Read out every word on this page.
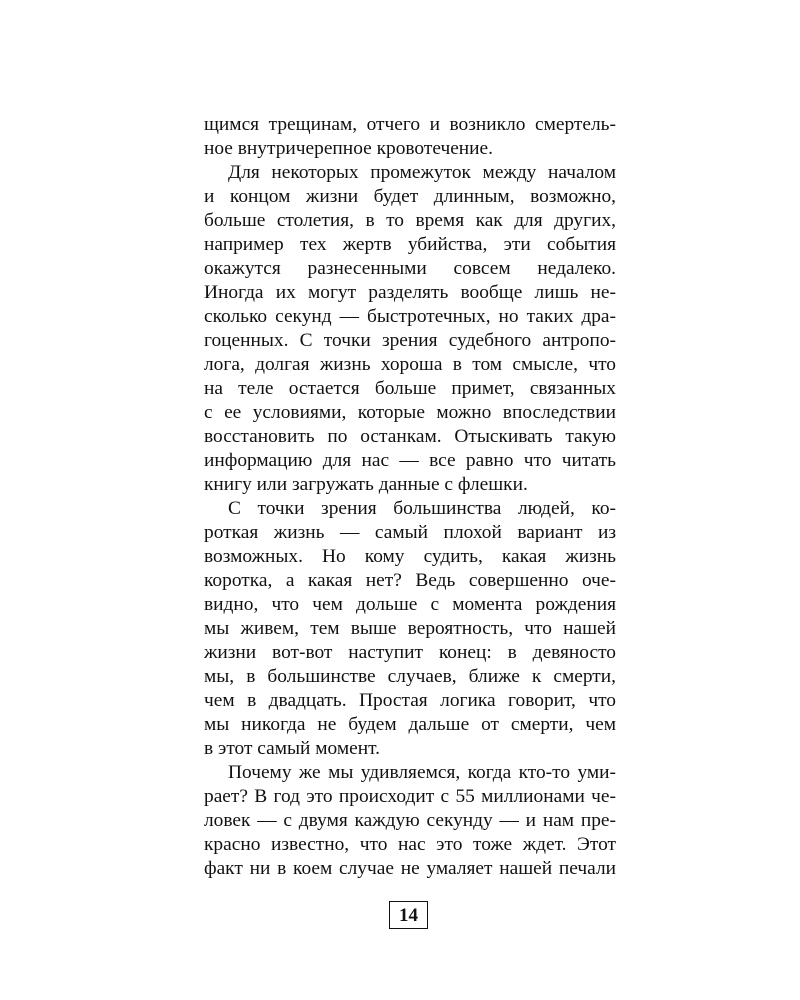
щимся трещинам, отчего и возникло смертель-
ное внутричерепное кровотечение.
Для некоторых промежуток между началом
и концом жизни будет длинным, возможно,
больше столетия, в то время как для других,
например тех жертв убийства, эти события
окажутся разнесенными совсем недалеко.
Иногда их могут разделять вообще лишь не-
сколько секунд — быстротечных, но таких дра-
гоценных. С точки зрения судебного антропо-
лога, долгая жизнь хороша в том смысле, что
на теле остается больше примет, связанных
с ее условиями, которые можно впоследствии
восстановить по останкам. Отыскивать такую
информацию для нас — все равно что читать
книгу или загружать данные с флешки.
С точки зрения большинства людей, ко-
роткая жизнь — самый плохой вариант из
возможных. Но кому судить, какая жизнь
коротка, а какая нет? Ведь совершенно оче-
видно, что чем дольше с момента рождения
мы живем, тем выше вероятность, что нашей
жизни вот-вот наступит конец: в девяносто
мы, в большинстве случаев, ближе к смерти,
чем в двадцать. Простая логика говорит, что
мы никогда не будем дальше от смерти, чем
в этот самый момент.
Почему же мы удивляемся, когда кто-то уми-
рает? В год это происходит с 55 миллионами че-
ловек — с двумя каждую секунду — и нам пре-
красно известно, что нас это тоже ждет. Этот
факт ни в коем случае не умаляет нашей печали
14
